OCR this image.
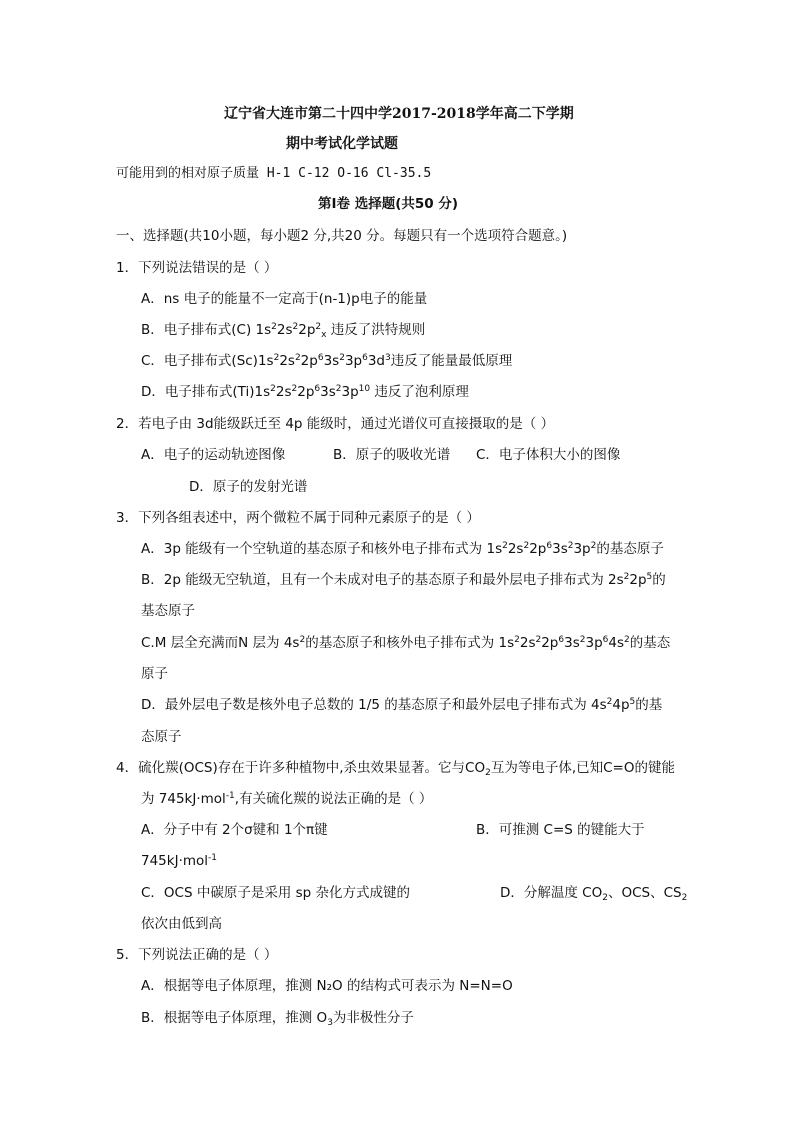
辽宁省大连市第二十四中学2017-2018学年高二下学期
期中考试化学试题
可能用到的相对原子质量 H-1 C-12 O-16 Cl-35.5
第Ⅰ卷 选择题(共50 分)
一、选择题(共10小题，每小题2 分,共20 分。每题只有一个选项符合题意。)
1．下列说法错误的是（ ）
A．ns 电子的能量不一定高于(n-1)p电子的能量
B．电子排布式(C) $1s^22s^22p^2_x$ 违反了洪特规则
C．电子排布式$(Sc)1s^22s^22p^63s^23p^63d^3$违反了能量最低原理
D．电子排布式$(Ti)1s^22s^22p^63s^23p^{10}$ 违反了泡利原理
2．若电子由 3d能级跃迁至 4p 能级时，通过光谱仪可直接摄取的是（ ）
A．电子的运动轨迹图像	B．原子的吸收光谱 C．电子体积大小的图像
D．原子的发射光谱
3．下列各组表述中，两个微粒不属于同种元素原子的是（ ）
A．3p 能级有一个空轨道的基态原子和核外电子排布式为 $1s^22s^22p^63s^23p^2$的基态原子
B．2p 能级无空轨道，且有一个未成对电子的基态原子和最外层电子排布式为 $2s^22p^5$的
基态原子
C.M 层全充满而N 层为 $4s^2$的基态原子和核外电子排布式为 $1s^22s^22p^63s^23p^64s^2$的基态
原子
D．最外层电子数是核外电子总数的 1/5 的基态原子和最外层电子排布式为 $4s^24p^5$的基
态原子
4．硫化羰(OCS)存在于许多种植物中,杀虫效果显著。它与$CO_2$互为等电子体,已知C=O的键能
为 745kJ·mol$^{-1}$,有关硫化羰的说法正确的是（ ）
A．分子中有 2个σ键和 1个π键	B．可推测 C=S 的键能大于
745kJ·mol$^{-1}$
C．OCS 中碳原子是采用 sp 杂化方式成键的	D．分解温度 $CO_2$、OCS、$CS_2$
依次由低到高
5．下列说法正确的是（ ）
A．根据等电子体原理，推测 N₂O 的结构式可表示为 N=N=O
B．根据等电子体原理，推测 $O_3$为非极性分子
